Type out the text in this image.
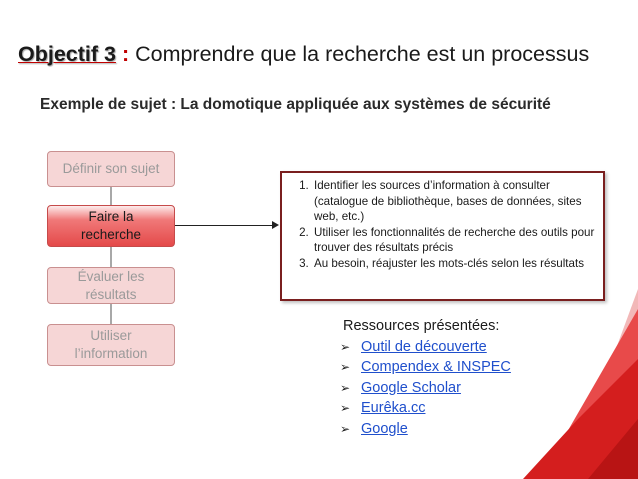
Objectif 3 : Comprendre que la recherche est un processus
Exemple de sujet : La domotique appliquée aux systèmes de sécurité
Définir son sujet
Faire la recherche
Évaluer les résultats
Utiliser l’information
1. Identifier les sources d’information à consulter (catalogue de bibliothèque, bases de données, sites web, etc.)
2. Utiliser les fonctionnalités de recherche des outils pour trouver des résultats précis
3. Au besoin, réajuster les mots-clés selon les résultats
Ressources présentées:
➢ Outil de découverte
➢ Compendex & INSPEC
➢ Google Scholar
➢ Eurêka.cc
➢ Google
